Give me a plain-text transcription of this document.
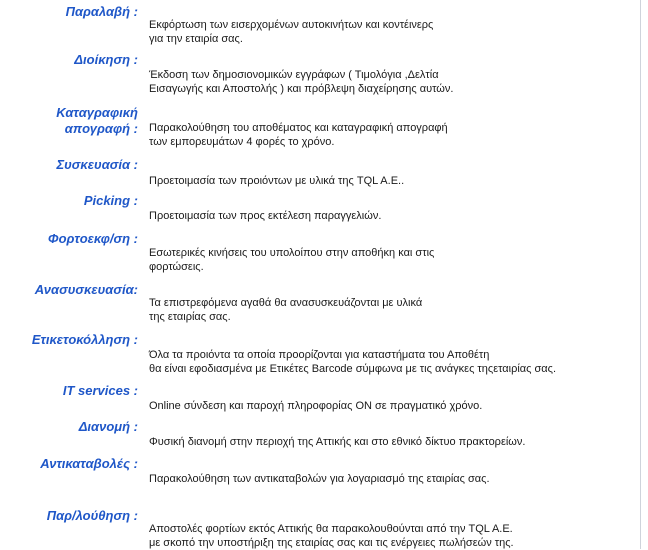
Παραλαβή :
Εκφόρτωση των εισερχομένων αυτοκινήτων και κοντέινερς
για την εταιρία σας.
Διοίκηση :
Έκδοση των δημοσιονομικών εγγράφων ( Τιμολόγια ,Δελτία
Εισαγωγής και Αποστολής ) και πρόβλεψη διαχείρησης αυτών.
Καταγραφική
απογραφή : Παρακολούθηση του αποθέματος και καταγραφική απογραφή
των εμπορευμάτων 4 φορές το χρόνο.
Συσκευασία :
Προετοιμασία των προιόντων με υλικά της TQL A.E..
Picking :
Προετοιμασία των προς εκτέλεση παραγγελιών.
Φορτοεκφ/ση :
Εσωτερικές κινήσεις του υπολοίπου στην αποθήκη και στις
φορτώσεις.
Ανασυσκευασία:
Τα επιστρεφόμενα αγαθά θα ανασυσκευάζονται με υλικά
της εταιρίας σας.
Ετικετοκόλληση :
Όλα τα προιόντα τα οποία προορίζονται για καταστήματα του Αποθέτη
θα είναι εφοδιασμένα με Ετικέτες Barcode σύμφωνα με τις ανάγκες τηςεταιρίας σας.
IT services :
Online σύνδεση και παροχή πληροφορίας ON σε πραγματικό χρόνο.
Διανομή :
Φυσική διανομή στην περιοχή της Αττικής και στο εθνικό δίκτυο πρακτορείων.
Αντικαταβολές :
Παρακολούθηση των αντικαταβολών για λογαριασμό της εταιρίας σας.
Παρ/λούθηση :
Αποστολές φορτίων εκτός Αττικής θα παρακολουθούνται από την TQL A.E.
με σκοπό την υποστήριξη της εταιρίας σας και τις ενέργειες πωλήσεών της.
